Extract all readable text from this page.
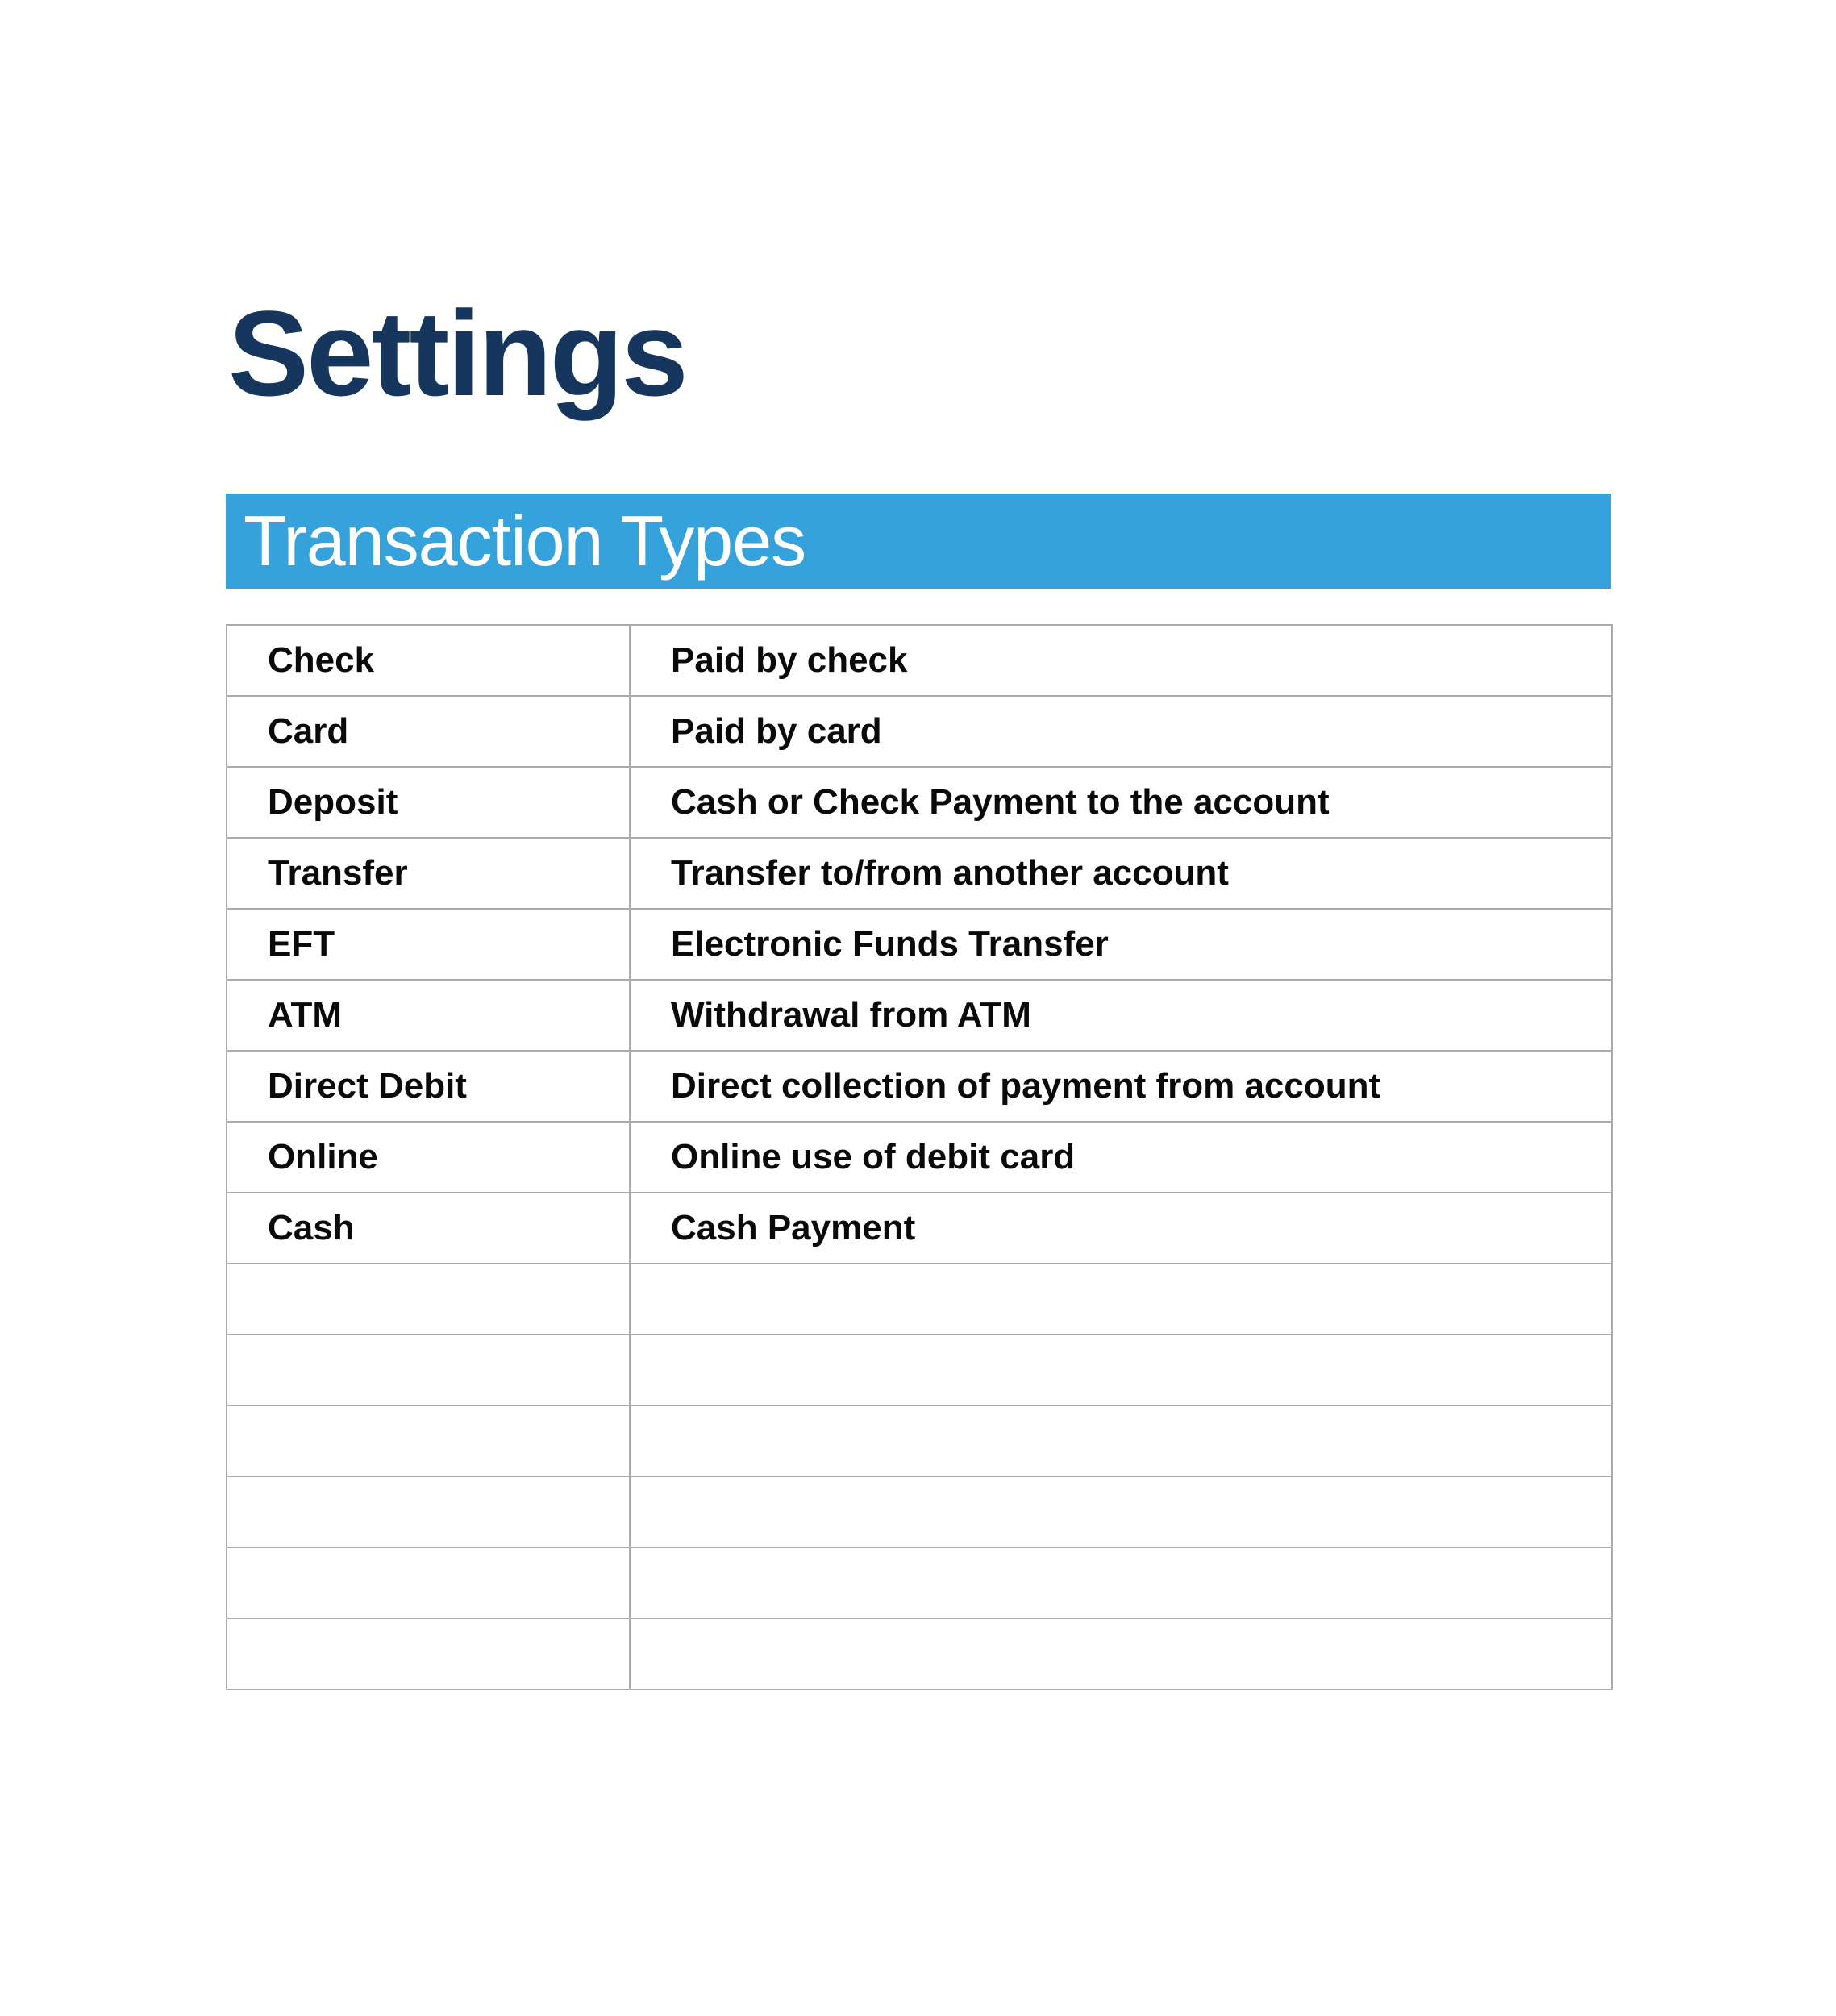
Settings
Transaction Types
Check	Paid by check
Card	Paid by card
Deposit	Cash or Check Payment to the account
Transfer	Transfer to/from another account
EFT	Electronic Funds Transfer
ATM	Withdrawal from ATM
Direct Debit	Direct collection of payment from account
Online	Online use of debit card
Cash	Cash Payment
